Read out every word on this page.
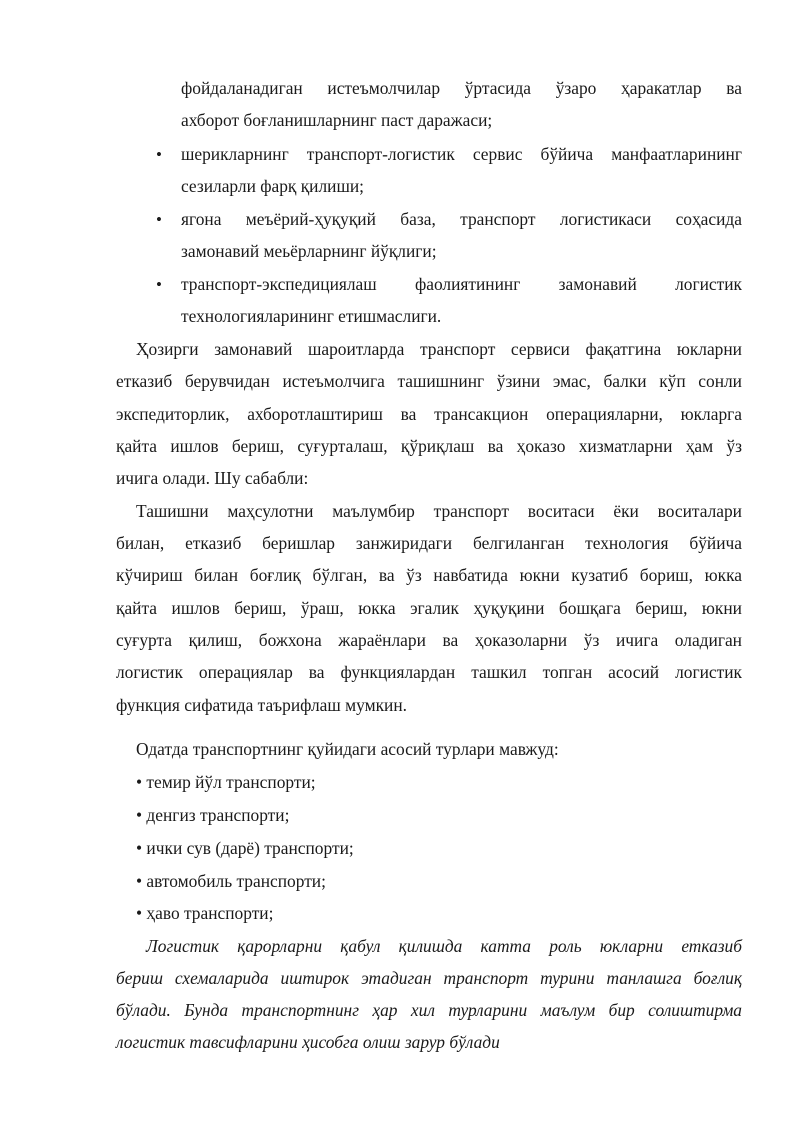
фойдаланадиган истеъмолчилар ўртасида ўзаро ҳаракатлар ва
ахборот боғланишларнинг паст даражаси;
• шерикларнинг транспорт-логистик сервис бўйича манфаатларининг
сезиларли фарқ қилиши;
• ягона меъёрий-ҳуқуқий база, транспорт логистикаси соҳасида
замонавий меьёрларнинг йўқлиги;
• транспорт-экспедициялаш фаолиятининг замонавий логистик
технологияларининг етишмаслиги.
Ҳозирги замонавий шароитларда транспорт сервиси фақатгина юкларни
етказиб берувчидан истеъмолчига ташишнинг ўзини эмас, балки кўп сонли
экспедиторлик, ахборотлаштириш ва трансакцион операцияларни, юкларга
қайта ишлов бериш, суғурталаш, қўриқлаш ва ҳоказо хизматларни ҳам ўз
ичига олади. Шу сабабли:
Ташишни маҳсулотни маълумбир транспорт воситаси ёки воситалари
билан, етказиб беришлар занжиридаги белгиланган технология бўйича
кўчириш билан боғлиқ бўлган, ва ўз навбатида юкни кузатиб бориш, юкка
қайта ишлов бериш, ўраш, юкка эгалик ҳуқуқини бошқага бериш, юкни
суғурта қилиш, божхона жараёнлари ва ҳоказоларни ўз ичига оладиган
логистик операциялар ва функциялардан ташкил топган асосий логистик
функция сифатида таърифлаш мумкин.
Одатда транспортнинг қуйидаги асосий турлари мавжуд:
• темир йўл транспорти;
• денгиз транспорти;
• ички сув (дарё) транспорти;
• автомобиль транспорти;
• ҳаво транспорти;
Логистик қарорларни қабул қилишда катта роль юкларни етказиб
бериш схемаларида иштирок этадиган транспорт турини танлашга боғлиқ
бўлади. Бунда транспортнинг ҳар хил турларини маълум бир солиштирма
логистик тавсифларини ҳисобга олиш зарур бўлади
